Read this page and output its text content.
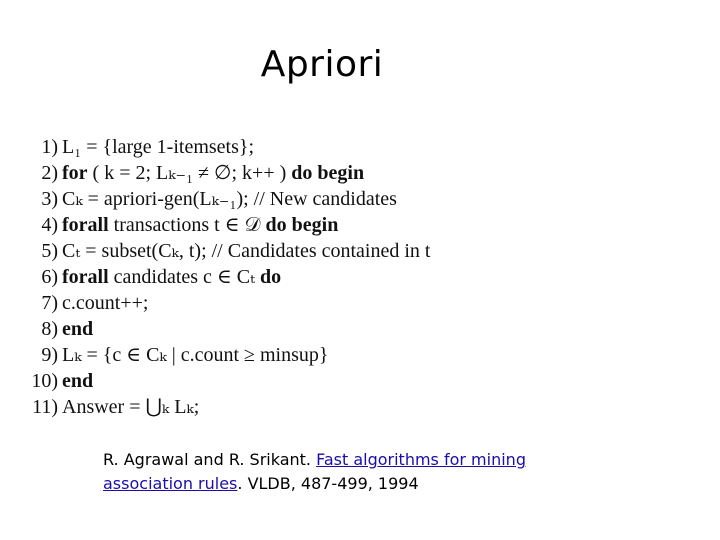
Apriori
1) L₁ = {large 1-itemsets};
2) for ( k = 2; Lₖ₋₁ ≠ ∅; k++ ) do begin
3) Cₖ = apriori-gen(Lₖ₋₁); // New candidates
4) forall transactions t ∈ 𝒟 do begin
5) Cₜ = subset(Cₖ, t); // Candidates contained in t
6) forall candidates c ∈ Cₜ do
7) c.count++;
8) end
9) Lₖ = {c ∈ Cₖ | c.count ≥ minsup}
10) end
11) Answer = ⋃ₖ Lₖ;
R. Agrawal and R. Srikant. Fast algorithms for mining association rules. VLDB, 487-499, 1994
